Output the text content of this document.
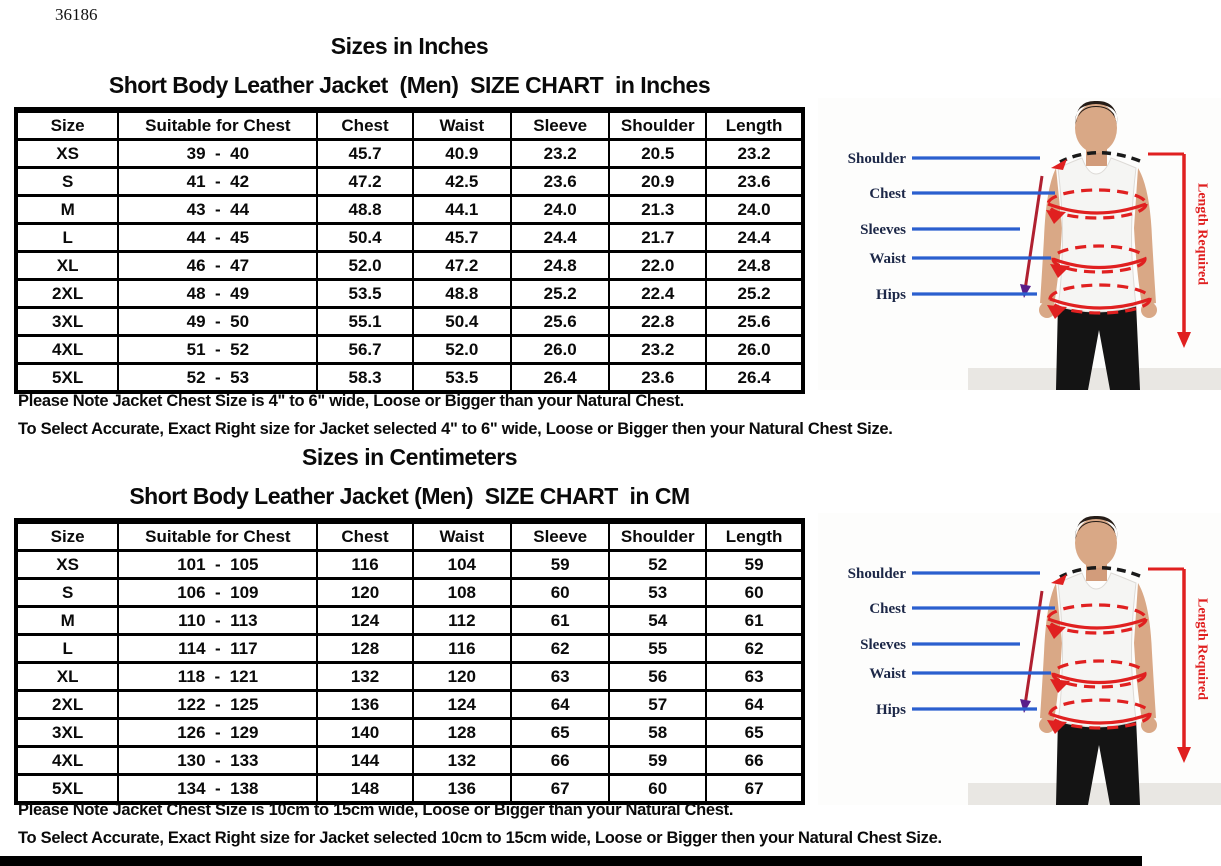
36186
Sizes in Inches
Short Body Leather Jacket  (Men)  SIZE CHART  in Inches
Size	Suitable for Chest	Chest	Waist	Sleeve	Shoulder	Length
XS	39  -  40	45.7	40.9	23.2	20.5	23.2
S	41  -  42	47.2	42.5	23.6	20.9	23.6
M	43  -  44	48.8	44.1	24.0	21.3	24.0
L	44  -  45	50.4	45.7	24.4	21.7	24.4
XL	46  -  47	52.0	47.2	24.8	22.0	24.8
2XL	48  -  49	53.5	48.8	25.2	22.4	25.2
3XL	49  -  50	55.1	50.4	25.6	22.8	25.6
4XL	51  -  52	56.7	52.0	26.0	23.2	26.0
5XL	52  -  53	58.3	53.5	26.4	23.6	26.4
Please Note Jacket Chest Size is 4" to 6" wide, Loose or Bigger than your Natural Chest.
To Select Accurate, Exact Right size for Jacket selected 4" to 6" wide, Loose or Bigger then your Natural Chest Size.
Sizes in Centimeters
Short Body Leather Jacket (Men)  SIZE CHART  in CM
Size	Suitable for Chest	Chest	Waist	Sleeve	Shoulder	Length
XS	101  -  105	116	104	59	52	59
S	106  -  109	120	108	60	53	60
M	110  -  113	124	112	61	54	61
L	114  -  117	128	116	62	55	62
XL	118  -  121	132	120	63	56	63
2XL	122  -  125	136	124	64	57	64
3XL	126  -  129	140	128	65	58	65
4XL	130  -  133	144	132	66	59	66
5XL	134  -  138	148	136	67	60	67
Please Note Jacket Chest Size is 10cm to 15cm wide, Loose or Bigger than your Natural Chest.
To Select Accurate, Exact Right size for Jacket selected 10cm to 15cm wide, Loose or Bigger then your Natural Chest Size.
Shoulder
Chest
Sleeves
Waist
Hips
Length Required
Shoulder
Chest
Sleeves
Waist
Hips
Length Required
